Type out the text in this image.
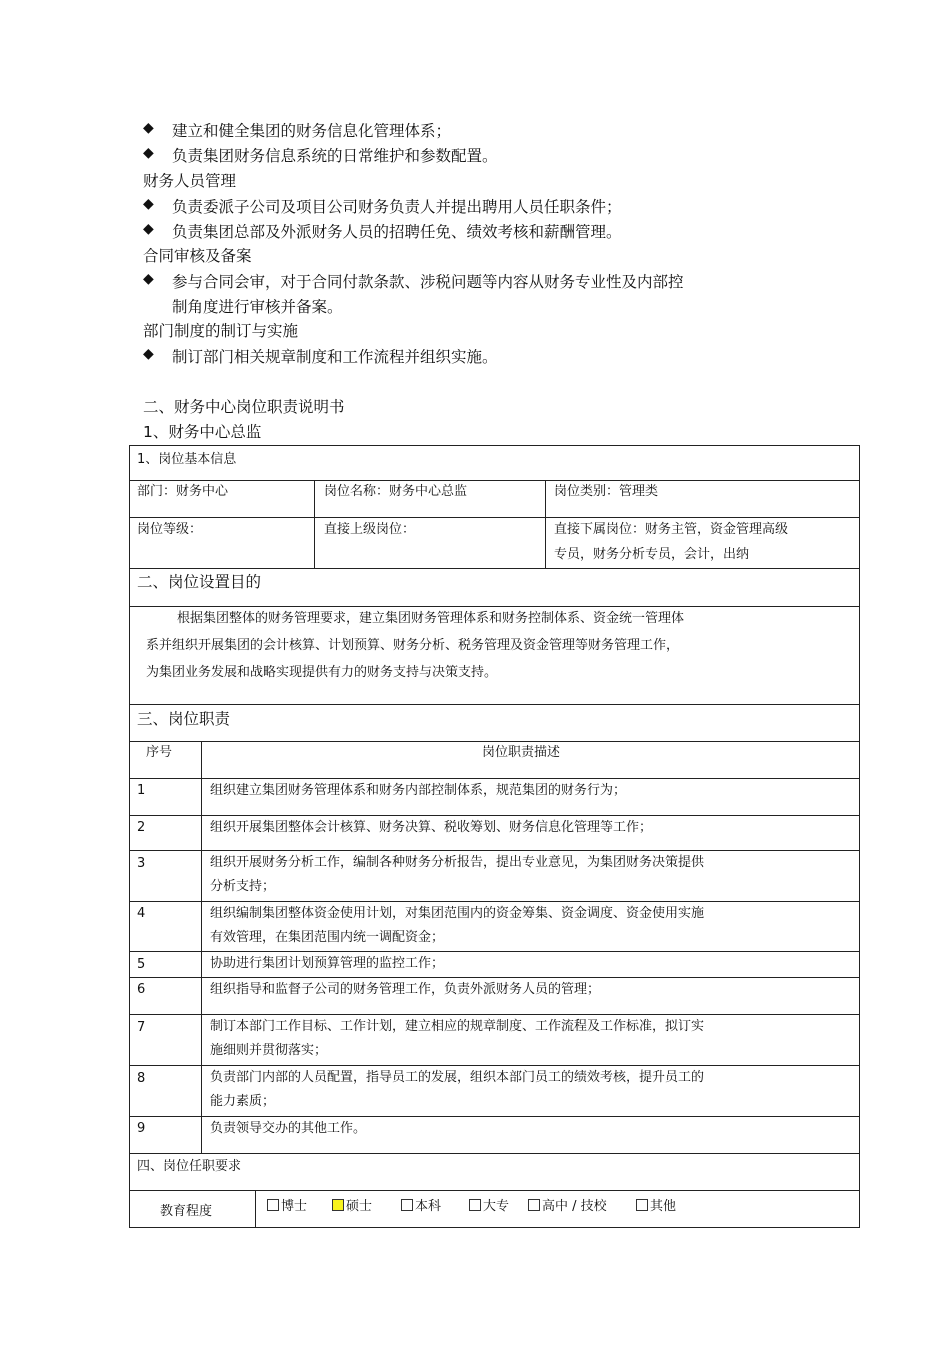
◆ 建立和健全集团的财务信息化管理体系；
◆ 负责集团财务信息系统的日常维护和参数配置。
财务人员管理
◆ 负责委派子公司及项目公司财务负责人并提出聘用人员任职条件；
◆ 负责集团总部及外派财务人员的招聘任免、绩效考核和薪酬管理。
合同审核及备案
◆ 参与合同会审，对于合同付款条款、涉税问题等内容从财务专业性及内部控
制角度进行审核并备案。
部门制度的制订与实施
◆ 制订部门相关规章制度和工作流程并组织实施。
二、财务中心岗位职责说明书
1、财务中心总监
1、岗位基本信息
部门：财务中心	岗位名称：财务中心总监	岗位类别：管理类
岗位等级：	直接上级岗位：	直接下属岗位：财务主管，资金管理高级
专员，财务分析专员，会计，出纳
二、岗位设置目的
根据集团整体的财务管理要求，建立集团财务管理体系和财务控制体系、资金统一管理体
系并组织开展集团的会计核算、计划预算、财务分析、税务管理及资金管理等财务管理工作，
为集团业务发展和战略实现提供有力的财务支持与决策支持。
三、岗位职责
序号	岗位职责描述
1	组织建立集团财务管理体系和财务内部控制体系，规范集团的财务行为；
2	组织开展集团整体会计核算、财务决算、税收筹划、财务信息化管理等工作；
3	组织开展财务分析工作，编制各种财务分析报告，提出专业意见，为集团财务决策提供
分析支持；
4	组织编制集团整体资金使用计划，对集团范围内的资金筹集、资金调度、资金使用实施
有效管理，在集团范围内统一调配资金；
5	协助进行集团计划预算管理的监控工作；
6	组织指导和监督子公司的财务管理工作，负责外派财务人员的管理；
7	制订本部门工作目标、工作计划，建立相应的规章制度、工作流程及工作标准，拟订实
施细则并贯彻落实；
8	负责部门内部的人员配置，指导员工的发展，组织本部门员工的绩效考核，提升员工的
能力素质；
9	负责领导交办的其他工作。
四、岗位任职要求
教育程度	博士	硕士	本科	大专	高中 / 技校	其他
